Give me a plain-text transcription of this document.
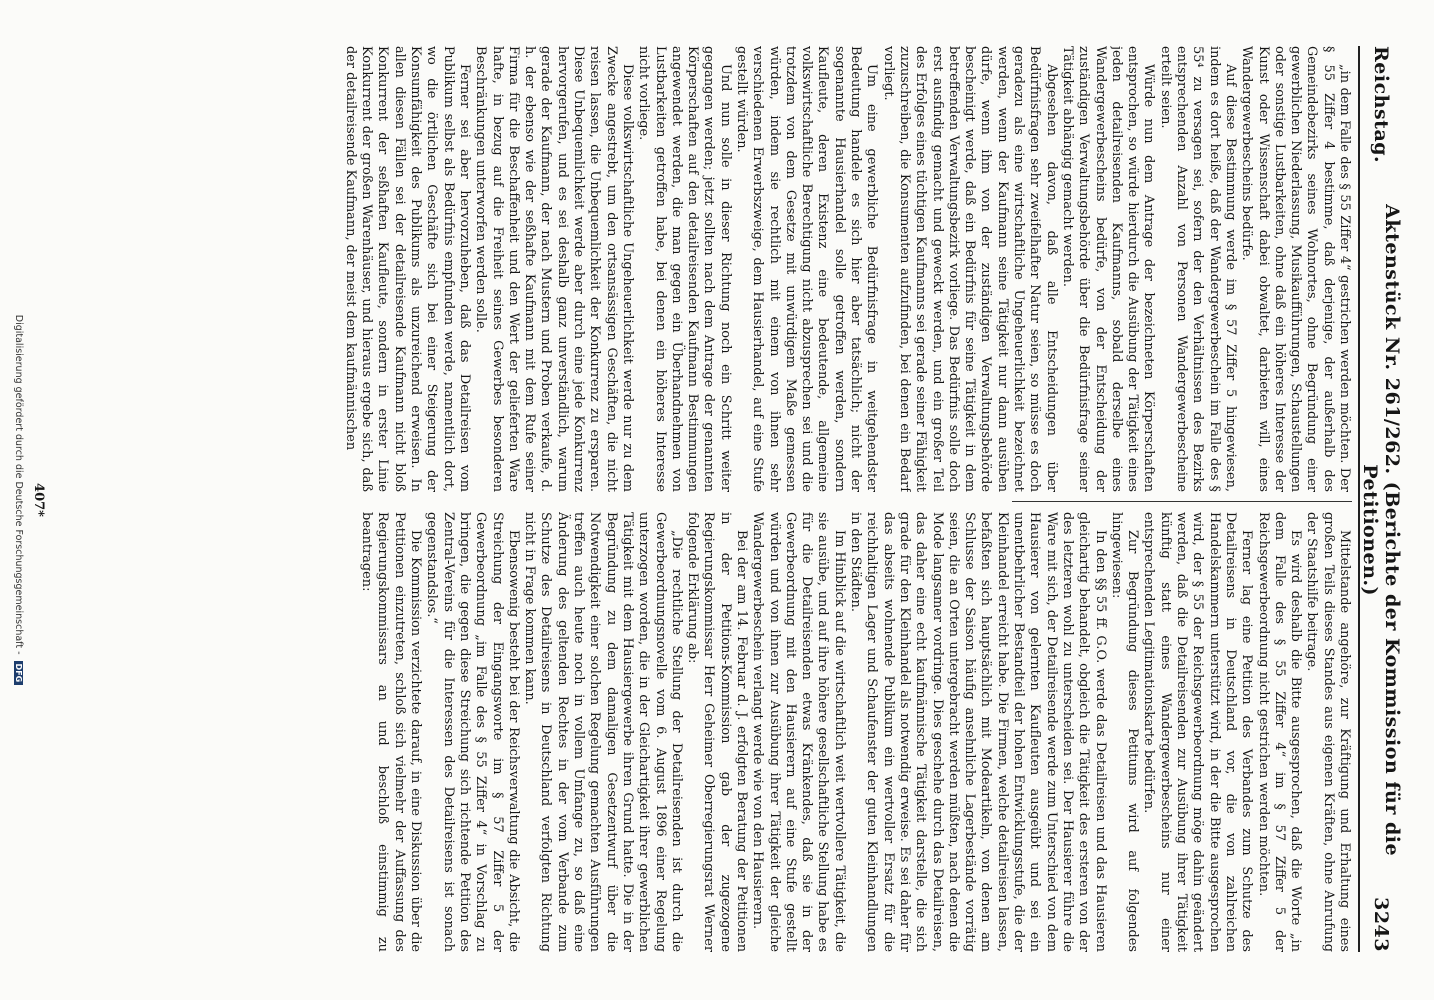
Reichstag.
Aktenstück Nr. 261/262. (Berichte der Kommission für die Petitionen.)
3243

„in dem Falle des § 55 Ziffer 4“ gestrichen werden möchten. Der § 55 Ziffer 4 bestimme, daß derjenige, der außerhalb des Gemeindebezirks seines Wohnortes, ohne Begründung einer gewerblichen Niederlassung, Musikaufführungen, Schaustellungen oder sonstige Lustbarkeiten, ohne daß ein höheres Interesse der Kunst oder Wissenschaft dabei obwaltet, darbieten will, eines Wandergewerbescheins bedürfe.

Auf diese Bestimmung werde im § 57 Ziffer 5 hingewiesen, indem es dort heiße, daß der Wandergewerbeschein im Falle des § 55⁴ zu versagen sei, sofern der den Verhältnissen des Bezirks entsprechenden Anzahl von Personen Wandergewerbescheine erteilt seien.

Würde nun dem Antrage der bezeichneten Körperschaften entsprochen, so würde hierdurch die Ausübung der Tätigkeit eines jeden detailreisenden Kaufmanns, sobald derselbe eines Wandergewerbescheins bedürfe, von der Entscheidung der zuständigen Verwaltungsbehörde über die Bedürfnisfrage seiner Tätigkeit abhängig gemacht werden.

Abgesehen davon, daß alle Entscheidungen über Bedürfnisfragen sehr zweifelhafter Natur seien, so müsse es doch geradezu als eine wirtschaftliche Ungeheuerlichkeit bezeichnet werden, wenn der Kaufmann seine Tätigkeit nur dann ausüben dürfe, wenn ihm von der zuständigen Verwaltungsbehörde bescheinigt werde, daß ein Bedürfnis für seine Tätigkeit in dem betreffenden Verwaltungsbezirk vorliege. Das Bedürfnis solle doch erst ausfindig gemacht und geweckt werden, und ein großer Teil des Erfolges eines tüchtigen Kaufmanns sei gerade seiner Fähigkeit zuzuschreiben, die Konsumenten aufzufinden, bei denen ein Bedarf vorliegt.

Um eine gewerbliche Bedürfnisfrage in weitgehendster Bedeutung handele es sich hier aber tatsächlich; nicht der sogenannte Hausierhandel solle getroffen werden, sondern Kaufleute, deren Existenz eine bedeutende, allgemeine volkswirtschaftliche Berechtigung nicht abzusprechen sei und die trotzdem von dem Gesetze mit unwürdigem Maße gemessen würden, indem sie rechtlich mit einem von ihnen sehr verschiedenen Erwerbszweige, dem Hausierhandel, auf eine Stufe gestellt würden.

Und nun solle in dieser Richtung noch ein Schritt weiter gegangen werden; jetzt sollten nach dem Antrage der genannten Körperschaften auf den detailreisenden Kaufmann Bestimmungen angewendet werden, die man gegen ein Überhandnehmen von Lustbarkeiten getroffen habe, bei denen ein höheres Interesse nicht vorliege.

Diese volkswirtschaftliche Ungeheuerlichkeit werde nur zu dem Zwecke angestrebt, um den ortsansässigen Geschäften, die nicht reisen lassen, die Unbequemlichkeit der Konkurrenz zu ersparen. Diese Unbequemlichkeit werde aber durch eine jede Konkurrenz hervorgerufen, und es sei deshalb ganz unverständlich, warum gerade der Kaufmann, der nach Mustern und Proben verkaufe, d. h. der ebenso wie der seßhafte Kaufmann mit dem Rufe seiner Firma für die Beschaffenheit und den Wert der gelieferten Ware hafte, in bezug auf die Freiheit seines Gewerbes besonderen Beschränkungen unterworfen werden solle.

Ferner sei aber hervorzuheben, daß das Detailreisen vom Publikum selbst als Bedürfnis empfunden werde, namentlich dort, wo die örtlichen Geschäfte sich bei einer Steigerung der Konsumfähigkeit des Publikums als unzureichend erweisen. In allen diesen Fällen sei der detailreisende Kaufmann nicht bloß Konkurrent der seßhaften Kaufleute, sondern in erster Linie Konkurrent der großen Warenhäuser, und hieraus ergebe sich, daß der detailreisende Kaufmann, der meist dem kaufmännischen

Mittelstande angehöre, zur Kräftigung und Erhaltung eines großen Teils dieses Standes aus eigenen Kräften, ohne Anrufung der Staatshilfe beitrage.

Es wird deshalb die Bitte ausgesprochen, daß die Worte „in dem Falle des § 55 Ziffer 4“ im § 57 Ziffer 5 der Reichsgewerbeordnung nicht gestrichen werden möchten.

Ferner lag eine Petition des Verbandes zum Schutze des Detailreisens in Deutschland vor, die von zahlreichen Handelskammern unterstützt wird, in der die Bitte ausgesprochen wird, der § 55 der Reichsgewerbeordnung möge dahin geändert werden, daß die Detailreisenden zur Ausübung ihrer Tätigkeit künftig statt eines Wandergewerbescheins nur einer entsprechenden Legitimationskarte bedürfen.

Zur Begründung dieses Petitums wird auf folgendes hingewiesen:

In den §§ 55 ff. G.O. werde das Detailreisen und das Hausieren gleichartig behandelt, obgleich die Tätigkeit des ersteren von der des letzteren wohl zu unterscheiden sei. Der Hausierer führe die Ware mit sich, der Detailreisende werde zum Unterschied von dem Hausierer von gelernten Kaufleuten ausgeübt und sei ein unentbehrlicher Bestandteil der hohen Entwicklungsstufe, die der Kleinhandel erreicht habe. Die Firmen, welche detailreisen lassen, befaßten sich hauptsächlich mit Modeartikeln, von denen am Schlusse der Saison häufig ansehnliche Lagerbestände vorrätig seien, die an Orten untergebracht werden müßten, nach denen die Mode langsamer vordringe. Dies geschehe durch das Detailreisen, das daher eine echt kaufmännische Tätigkeit darstelle, die sich grade für den Kleinhandel als notwendig erweise. Es sei daher für das abseits wohnende Publikum ein wertvoller Ersatz für die reichhaltigen Lager und Schaufenster der guten Kleinhandlungen in den Städten.

Im Hinblick auf die wirtschaftlich weit wertvollere Tätigkeit, die sie ausübe, und auf ihre höhere gesellschaftliche Stellung habe es für die Detailreisenden etwas Kränkendes, daß sie in der Gewerbeordnung mit den Hausierern auf eine Stufe gestellt würden und von ihnen zur Ausübung ihrer Tätigkeit der gleiche Wandergewerbeschein verlangt werde wie von den Hausierern.

Bei der am 14. Februar d. J. erfolgten Beratung der Petitionen in der Petitions-Kommission gab der zugezogene Regierungskommissar Herr Geheimer Oberregierungsrat Werner folgende Erklärung ab:

„Die rechtliche Stellung der Detailreisenden ist durch die Gewerbeordnungsnovelle vom 6. August 1896 einer Regelung unterzogen worden, die in der Gleichartigkeit ihrer gewerblichen Tätigkeit mit dem Hausiergewerbe ihren Grund hatte. Die in der Begründung zu dem damaligen Gesetzentwurf über die Notwendigkeit einer solchen Regelung gemachten Ausführungen treffen auch heute noch in vollem Umfange zu, so daß eine Änderung des geltenden Rechtes in der vom Verbande zum Schutze des Detailreisens in Deutschland verfolgten Richtung nicht in Frage kommen kann.

Ebensowenig besteht bei der Reichsverwaltung die Absicht, die Streichung der Eingangsworte im § 57 Ziffer 5 der Gewerbeordnung „im Falle des § 55 Ziffer 4“ in Vorschlag zu bringen, die gegen diese Streichung sich richtende Petition des Zentral-Vereins für die Interessen des Detailreisens ist sonach gegenstandslos.“

Die Kommission verzichtete darauf, in eine Diskussion über die Petitionen einzutreten, schloß sich vielmehr der Auffassung des Regierungskommissars an und beschloß einstimmig zu beantragen:

407*
Digitalisierung gefördert durch die Deutsche Forschungsgemeinschaft - DFG
